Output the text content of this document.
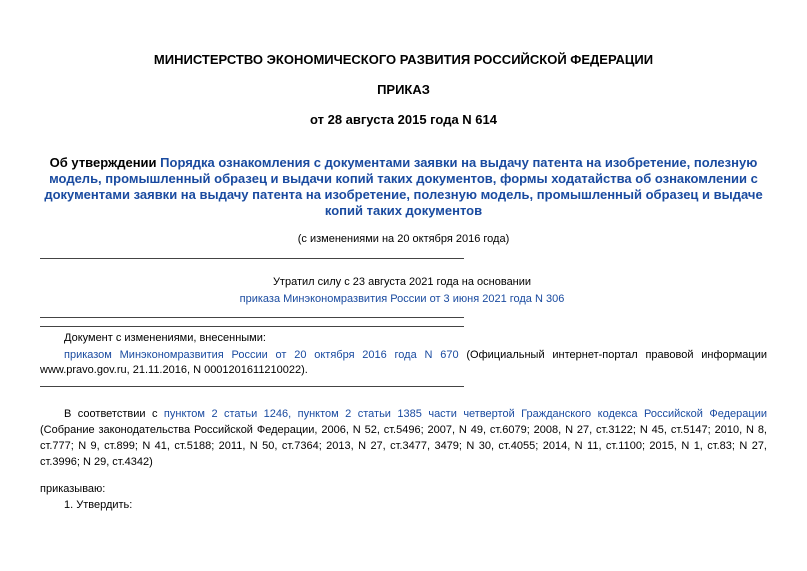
МИНИСТЕРСТВО ЭКОНОМИЧЕСКОГО РАЗВИТИЯ РОССИЙСКОЙ ФЕДЕРАЦИИ
ПРИКАЗ
от 28 августа 2015 года N 614
Об утверждении Порядка ознакомления с документами заявки на выдачу патента на изобретение, полезную модель, промышленный образец и выдачи копий таких документов, формы ходатайства об ознакомлении с документами заявки на выдачу патента на изобретение, полезную модель, промышленный образец и выдаче копий таких документов
(с изменениями на 20 октября 2016 года)
Утратил силу с 23 августа 2021 года на основании
приказа Минэкономразвития России от 3 июня 2021 года N 306
Документ с изменениями, внесенными:
приказом Минэкономразвития России от 20 октября 2016 года N 670 (Официальный интернет-портал правовой информации www.pravo.gov.ru, 21.11.2016, N 0001201611210022).
В соответствии с пунктом 2 статьи 1246, пунктом 2 статьи 1385 части четвертой Гражданского кодекса Российской Федерации (Собрание законодательства Российской Федерации, 2006, N 52, ст.5496; 2007, N 49, ст.6079; 2008, N 27, ст.3122; N 45, ст.5147; 2010, N 8, ст.777; N 9, ст.899; N 41, ст.5188; 2011, N 50, ст.7364; 2013, N 27, ст.3477, 3479; N 30, ст.4055; 2014, N 11, ст.1100; 2015, N 1, ст.83; N 27, ст.3996; N 29, ст.4342)
приказываю:
1. Утвердить:
